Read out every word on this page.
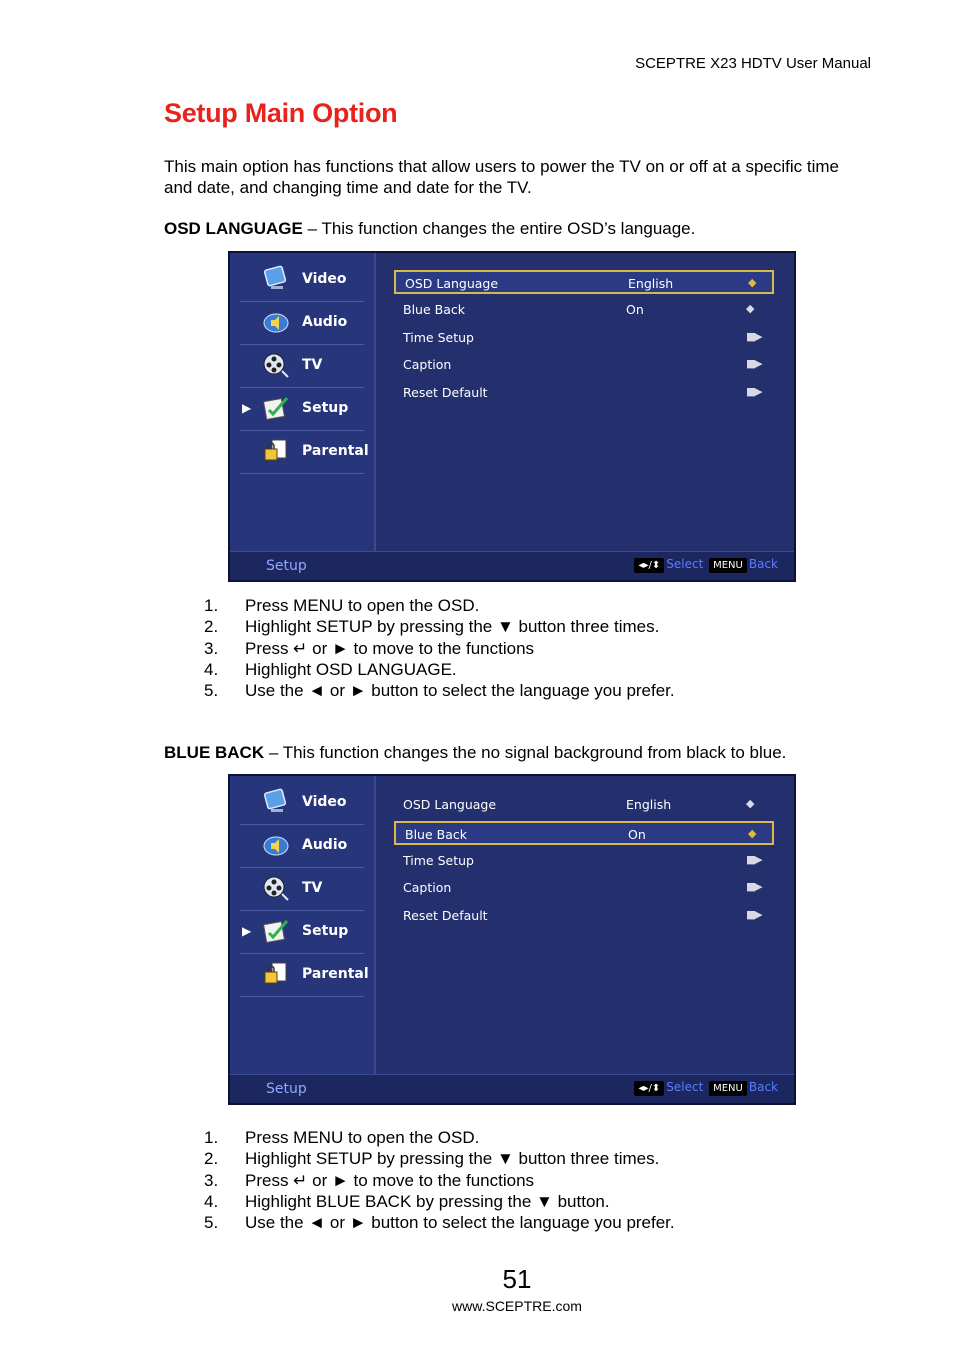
SCEPTRE X23 HDTV User Manual
Setup Main Option
This main option has functions that allow users to power the TV on or off at a specific time and date, and changing time and date for the TV.
OSD LANGUAGE – This function changes the entire OSD’s language.
Video
Audio
TV
▶	Setup
Parental
OSD Language	English	◆
Blue Back	On	◆
Time Setup	▮▮▶
Caption	▮▮▶
Reset Default	▮▮▶
Setup	◂▸/⬍ Select MENU Back
1. Press MENU to open the OSD.
2. Highlight SETUP by pressing the ▼ button three times.
3. Press ↵ or ► to move to the functions
4. Highlight OSD LANGUAGE.
5. Use the ◄ or ► button to select the language you prefer.
BLUE BACK – This function changes the no signal background from black to blue.
Video
Audio
TV
▶	Setup
Parental
OSD Language	English	◆
Blue Back	On	◆
Time Setup	▮▮▶
Caption	▮▮▶
Reset Default	▮▮▶
Setup	◂▸/⬍ Select MENU Back
1. Press MENU to open the OSD.
2. Highlight SETUP by pressing the ▼ button three times.
3. Press ↵ or ► to move to the functions
4. Highlight BLUE BACK by pressing the ▼ button.
5. Use the ◄ or ► button to select the language you prefer.
51
www.SCEPTRE.com
